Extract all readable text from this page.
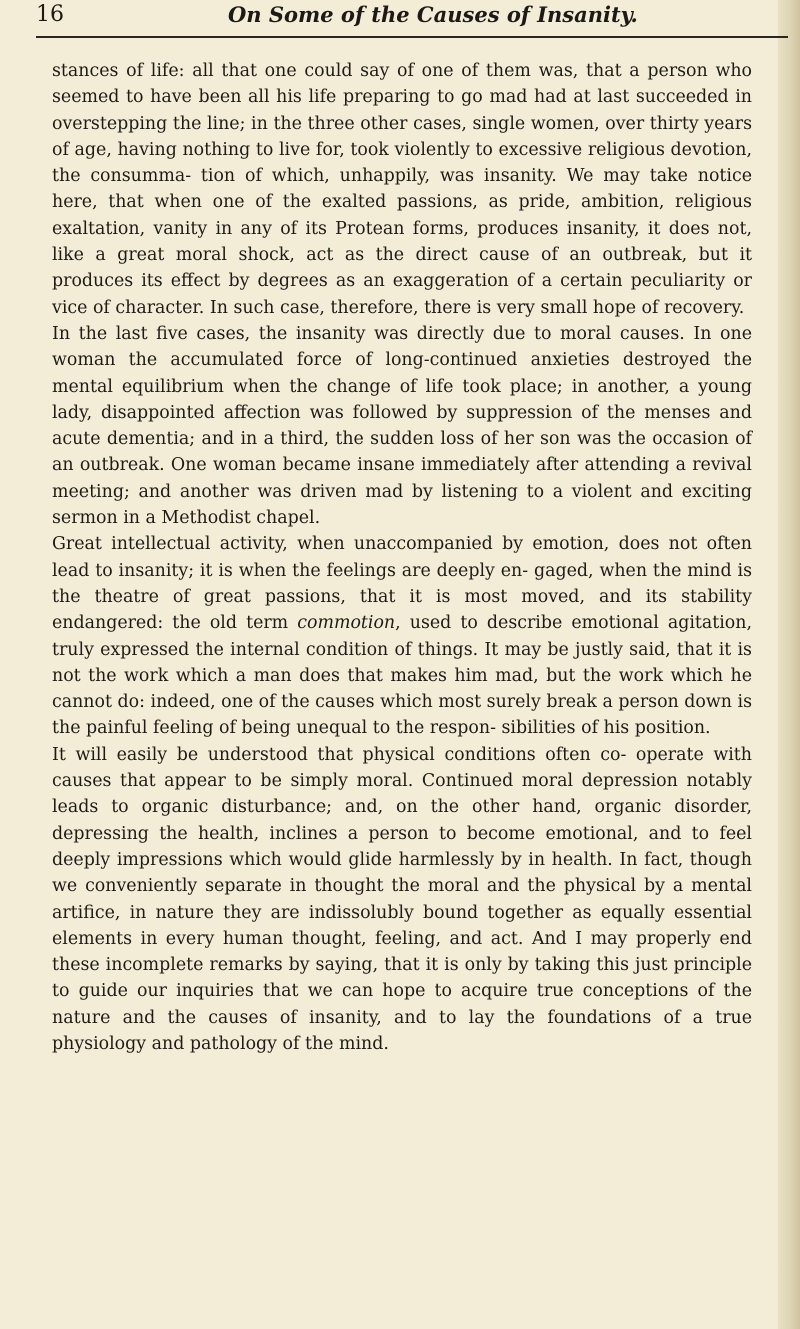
16	On Some of the Causes of Insanity.

stances of life: all that one could say of one of them was, that a person who seemed to have been all his life preparing to go mad had at last succeeded in overstepping the line; in the three other cases, single women, over thirty years of age, having nothing to live for, took violently to excessive religious devotion, the consumma- tion of which, unhappily, was insanity. We may take notice here, that when one of the exalted passions, as pride, ambition, religious exaltation, vanity in any of its Protean forms, produces insanity, it does not, like a great moral shock, act as the direct cause of an outbreak, but it produces its effect by degrees as an exaggeration of a certain peculiarity or vice of character. In such case, therefore, there is very small hope of recovery.

In the last five cases, the insanity was directly due to moral causes. In one woman the accumulated force of long-continued anxieties destroyed the mental equilibrium when the change of life took place; in another, a young lady, disappointed affection was followed by suppression of the menses and acute dementia; and in a third, the sudden loss of her son was the occasion of an outbreak. One woman became insane immediately after attending a revival meeting; and another was driven mad by listening to a violent and exciting sermon in a Methodist chapel.

Great intellectual activity, when unaccompanied by emotion, does not often lead to insanity; it is when the feelings are deeply en- gaged, when the mind is the theatre of great passions, that it is most moved, and its stability endangered: the old term commotion, used to describe emotional agitation, truly expressed the internal condition of things. It may be justly said, that it is not the work which a man does that makes him mad, but the work which he cannot do: indeed, one of the causes which most surely break a person down is the painful feeling of being unequal to the respon- sibilities of his position.

It will easily be understood that physical conditions often co- operate with causes that appear to be simply moral. Continued moral depression notably leads to organic disturbance; and, on the other hand, organic disorder, depressing the health, inclines a person to become emotional, and to feel deeply impressions which would glide harmlessly by in health. In fact, though we conveniently separate in thought the moral and the physical by a mental artifice, in nature they are indissolubly bound together as equally essential elements in every human thought, feeling, and act. And I may properly end these incomplete remarks by saying, that it is only by taking this just principle to guide our inquiries that we can hope to acquire true conceptions of the nature and the causes of insanity, and to lay the foundations of a true physiology and pathology of the mind.
